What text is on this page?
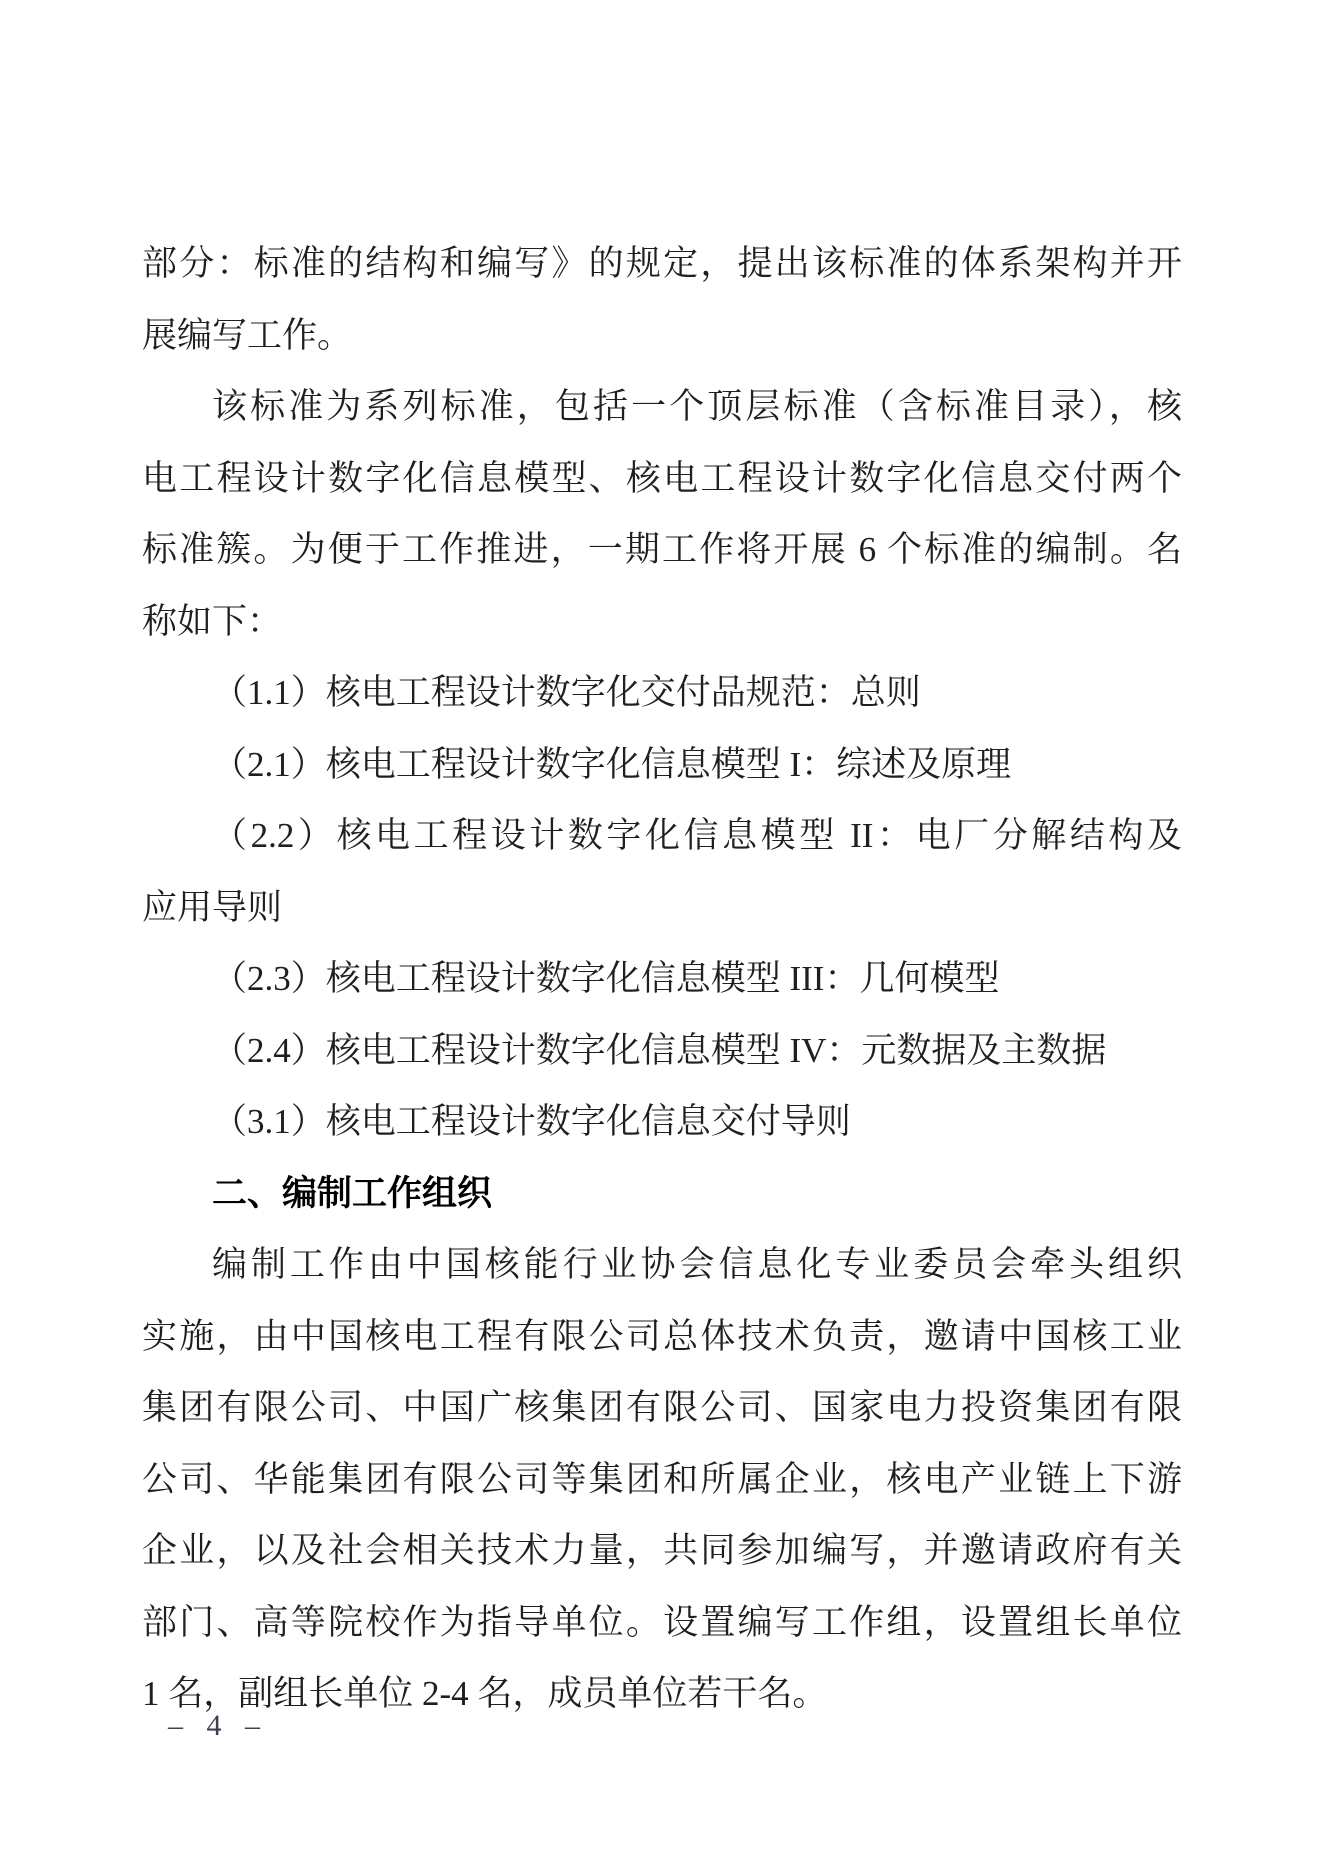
部分：标准的结构和编写》的规定，提出该标准的体系架构并开
展编写工作。
该标准为系列标准，包括一个顶层标准（含标准目录），核
电工程设计数字化信息模型、核电工程设计数字化信息交付两个
标准簇。为便于工作推进，一期工作将开展 6 个标准的编制。名
称如下：
（1.1）核电工程设计数字化交付品规范：总则
（2.1）核电工程设计数字化信息模型 I：综述及原理
（2.2）核电工程设计数字化信息模型 II：电厂分解结构及
应用导则
（2.3）核电工程设计数字化信息模型 III：几何模型
（2.4）核电工程设计数字化信息模型 IV：元数据及主数据
（3.1）核电工程设计数字化信息交付导则
二、编制工作组织
编制工作由中国核能行业协会信息化专业委员会牵头组织
实施，由中国核电工程有限公司总体技术负责，邀请中国核工业
集团有限公司、中国广核集团有限公司、国家电力投资集团有限
公司、华能集团有限公司等集团和所属企业，核电产业链上下游
企业，以及社会相关技术力量，共同参加编写，并邀请政府有关
部门、高等院校作为指导单位。设置编写工作组，设置组长单位
1 名，副组长单位 2-4 名，成员单位若干名。
– 4 –
